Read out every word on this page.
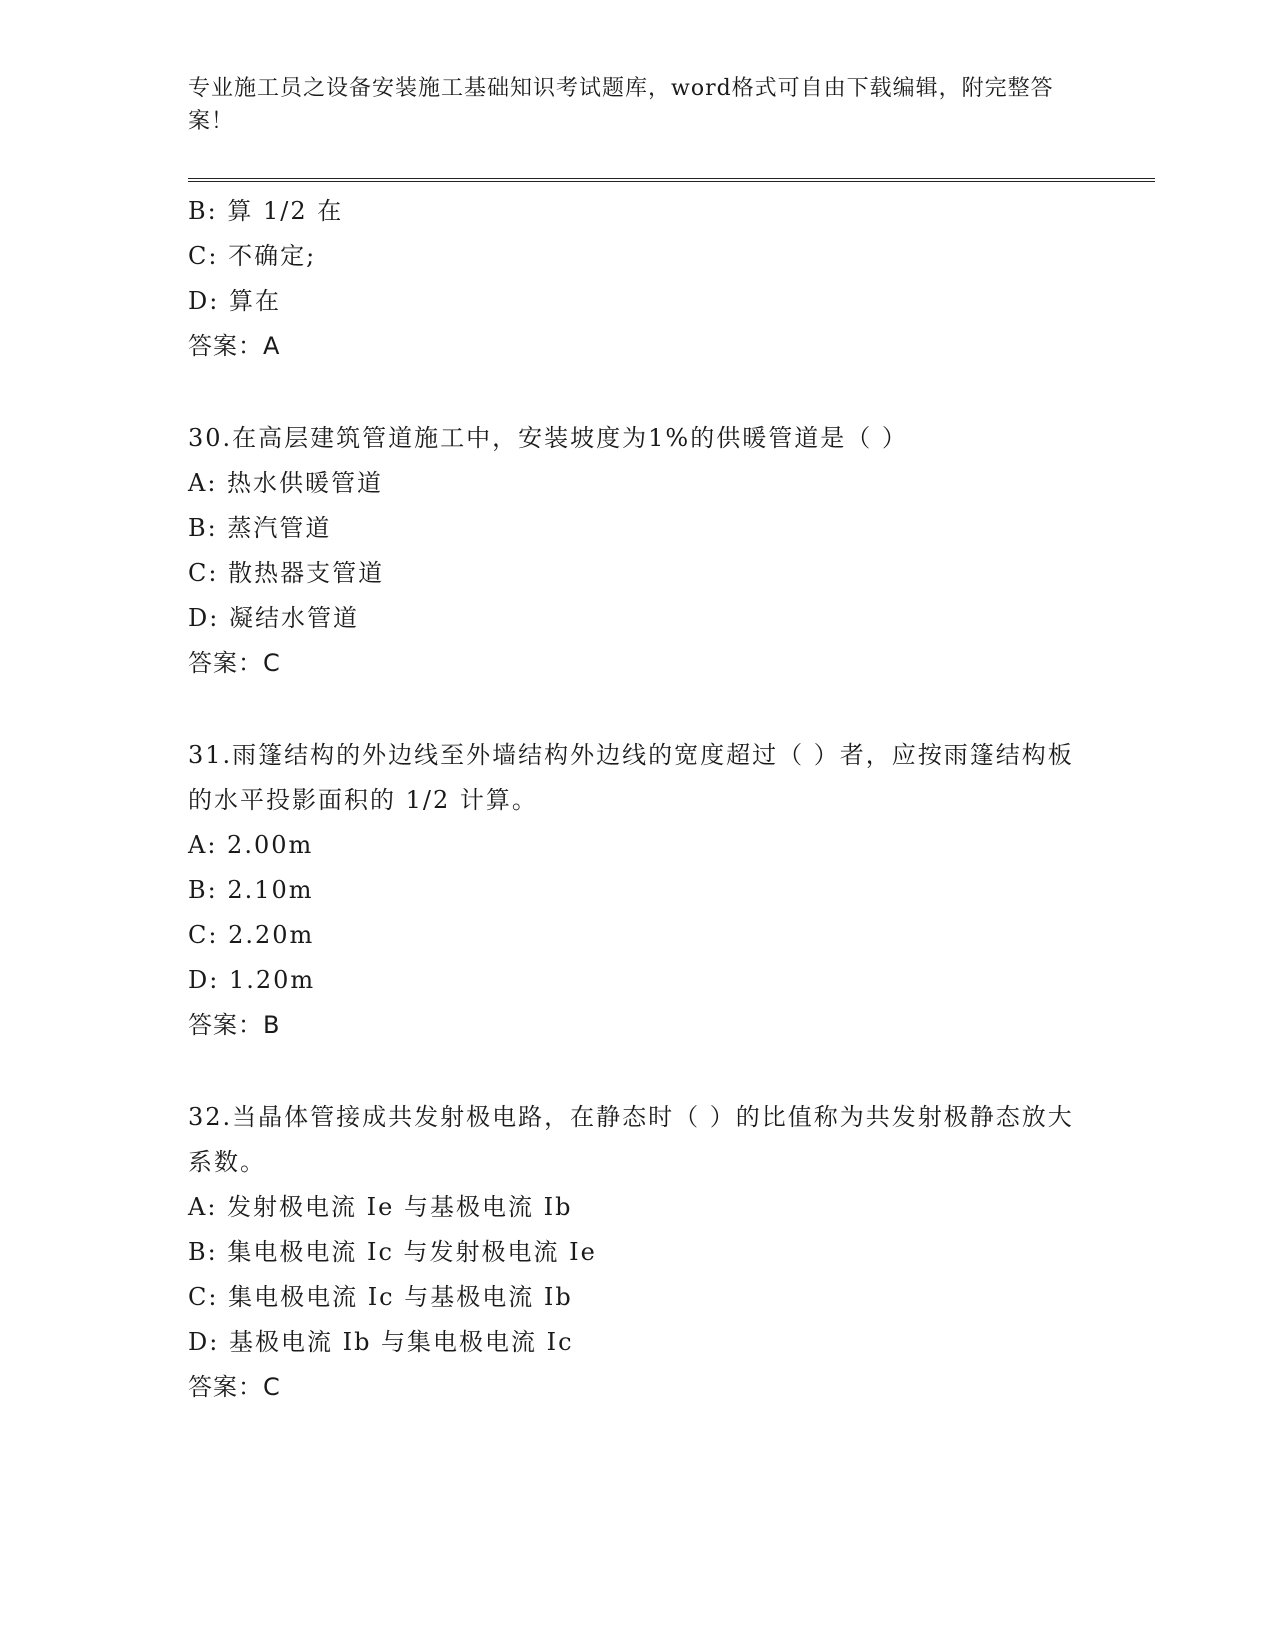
专业施工员之设备安装施工基础知识考试题库，word格式可自由下载编辑，附完整答案！
B: 算 1/2 在
C: 不确定;
D: 算在
答案：A
30.在高层建筑管道施工中，安装坡度为1%的供暖管道是（ ）
A: 热水供暖管道
B: 蒸汽管道
C: 散热器支管道
D: 凝结水管道
答案：C
31.雨篷结构的外边线至外墙结构外边线的宽度超过（ ）者，应按雨篷结构板的水平投影面积的 1/2 计算。
A: 2.00m
B: 2.10m
C: 2.20m
D: 1.20m
答案：B
32.当晶体管接成共发射极电路，在静态时（ ）的比值称为共发射极静态放大系数。
A: 发射极电流 Ie 与基极电流 Ib
B: 集电极电流 Ic 与发射极电流 Ie
C: 集电极电流 Ic 与基极电流 Ib
D: 基极电流 Ib 与集电极电流 Ic
答案：C
